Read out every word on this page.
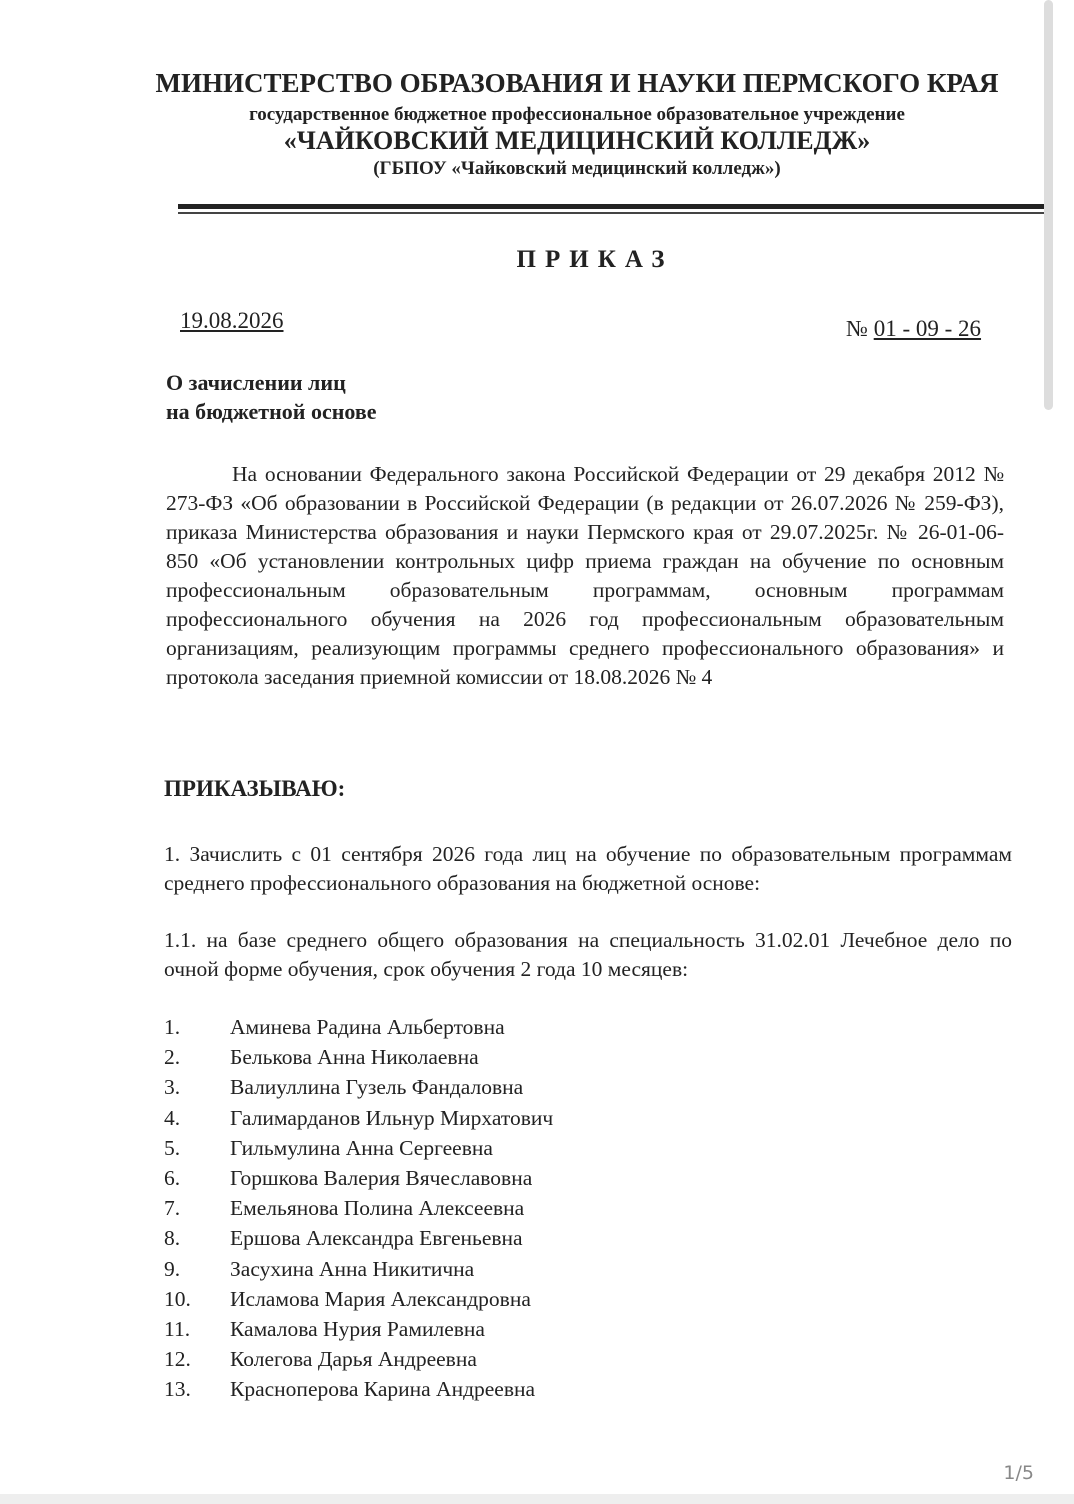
МИНИСТЕРСТВО ОБРАЗОВАНИЯ И НАУКИ ПЕРМСКОГО КРАЯ
государственное бюджетное профессиональное образовательное учреждение
«ЧАЙКОВСКИЙ МЕДИЦИНСКИЙ КОЛЛЕДЖ»
(ГБПОУ «Чайковский медицинский колледж»)
ПРИКАЗ
19.08.2026	№ 01 - 09 - 26
О зачислении лиц
на бюджетной основе

На основании Федерального закона Российской Федерации от 29 декабря 2012 № 273-ФЗ «Об образовании в Российской Федерации (в редакции от 26.07.2026 № 259-ФЗ), приказа Министерства образования и науки Пермского края от 29.07.2025г. № 26-01-06-850 «Об установлении контрольных цифр приема граждан на обучение по основным профессиональным образовательным программам, основным программам профессионального обучения на 2026 год профессиональным образовательным организациям, реализующим программы среднего профессионального образования» и протокола заседания приемной комиссии от 18.08.2026 № 4

ПРИКАЗЫВАЮ:
1. Зачислить с 01 сентября 2026 года лиц на обучение по образовательным программам среднего профессионального образования на бюджетной основе:
1.1. на базе среднего общего образования на специальность 31.02.01 Лечебное дело по очной форме обучения, срок обучения 2 года 10 месяцев:
1.	Аминева Радина Альбертовна
2.	Белькова Анна Николаевна
3.	Валиуллина Гузель Фандаловна
4.	Галимарданов Ильнур Мирхатович
5.	Гильмулина Анна Сергеевна
6.	Горшкова Валерия Вячеславовна
7.	Емельянова Полина Алексеевна
8.	Ершова Александра Евгеньевна
9.	Засухина Анна Никитична
10.	Исламова Мария Александровна
11.	Камалова Нурия Рамилевна
12.	Колегова Дарья Андреевна
13.	Красноперова Карина Андреевна
1/5
